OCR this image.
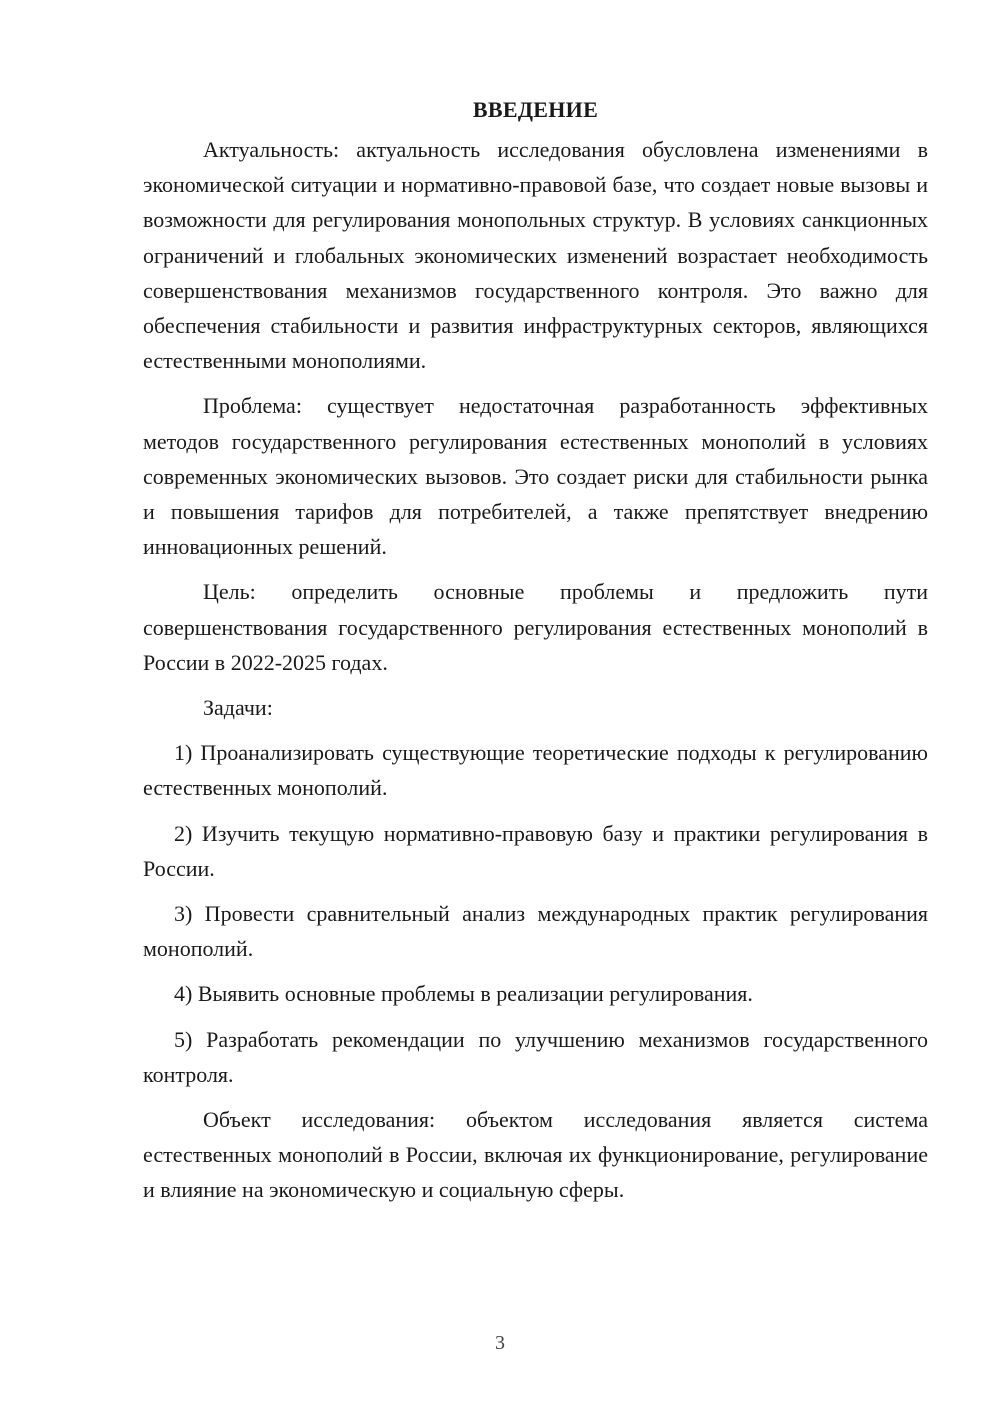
ВВЕДЕНИЕ

Актуальность: актуальность исследования обусловлена изменениями в экономической ситуации и нормативно-правовой базе, что создает новые вызовы и возможности для регулирования монопольных структур. В условиях санкционных ограничений и глобальных экономических изменений возрастает необходимость совершенствования механизмов государственного контроля. Это важно для обеспечения стабильности и развития инфраструктурных секторов, являющихся естественными монополиями.

Проблема: существует недостаточная разработанность эффективных методов государственного регулирования естественных монополий в условиях современных экономических вызовов. Это создает риски для стабильности рынка и повышения тарифов для потребителей, а также препятствует внедрению инновационных решений.

Цель: определить основные проблемы и предложить пути совершенствования государственного регулирования естественных монополий в России в 2022-2025 годах.

Задачи:

1) Проанализировать существующие теоретические подходы к регулированию естественных монополий.

2) Изучить текущую нормативно-правовую базу и практики регулирования в России.

3) Провести сравнительный анализ международных практик регулирования монополий.

4) Выявить основные проблемы в реализации регулирования.

5) Разработать рекомендации по улучшению механизмов государственного контроля.

Объект исследования: объектом исследования является система естественных монополий в России, включая их функционирование, регулирование и влияние на экономическую и социальную сферы.

3
